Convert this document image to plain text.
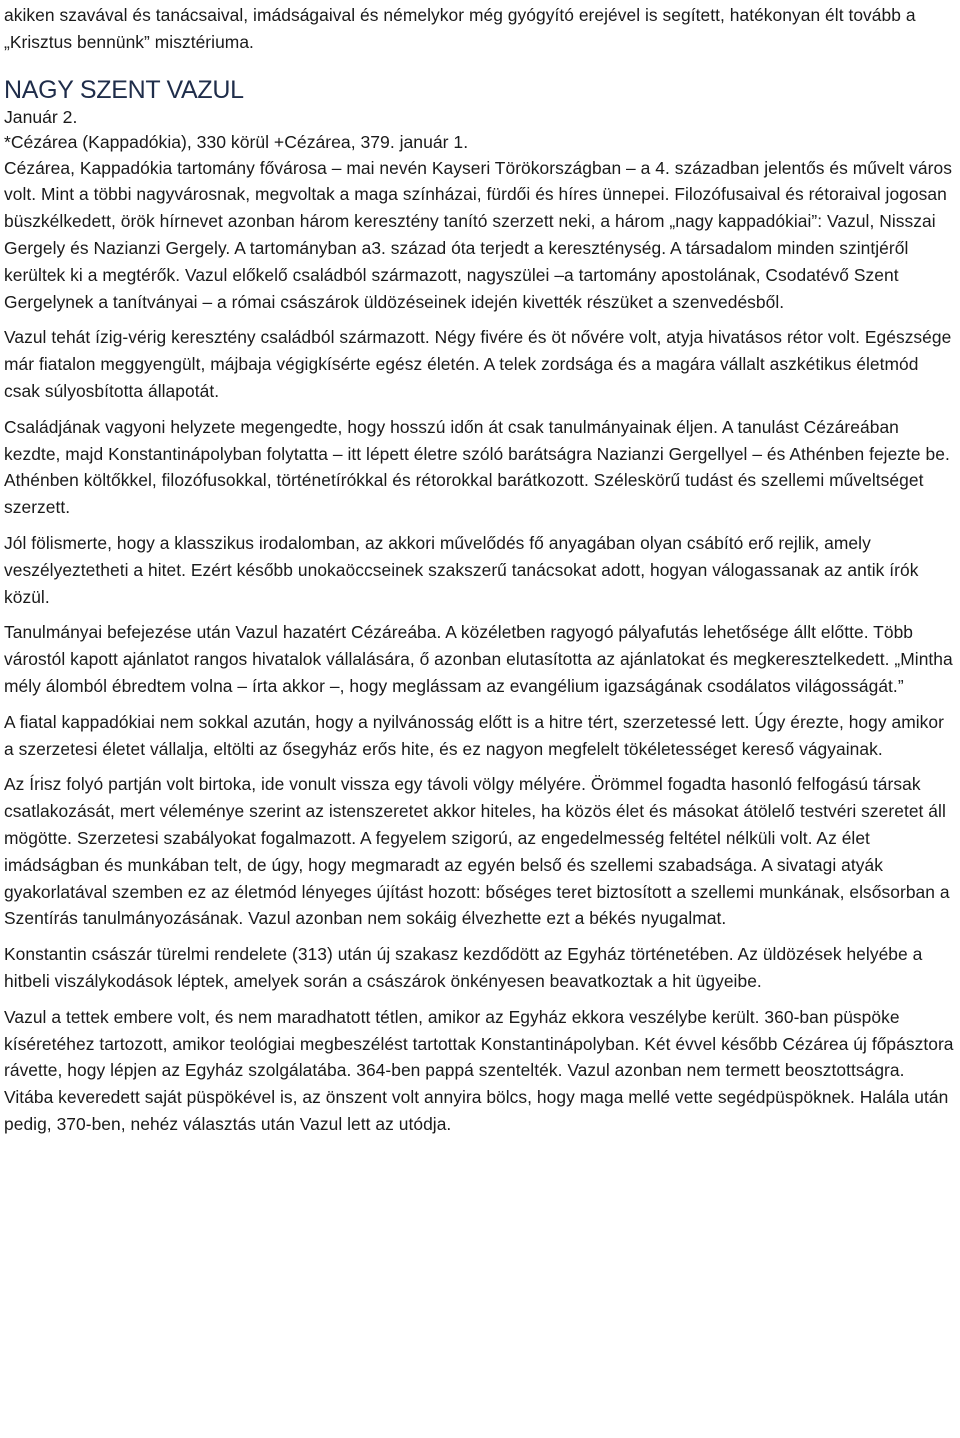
akiken szavával és tanácsaival, imádságaival és némelykor még gyógyító erejével is segített, hatékonyan élt tovább a „Krisztus bennünk” misztériuma.

NAGY SZENT VAZUL

Január 2.

*Cézárea (Kappadókia), 330 körül +Cézárea, 379. január 1.

Cézárea, Kappadókia tartomány fővárosa – mai nevén Kayseri Törökországban – a 4. században jelentős és művelt város volt. Mint a többi nagyvárosnak, megvoltak a maga színházai, fürdői és híres ünnepei. Filozófusaival és rétoraival jogosan büszkélkedett, örök hírnevet azonban három keresztény tanító szerzett neki, a három „nagy kappadókiai”: Vazul, Nisszai Gergely és Nazianzi Gergely. A tartományban a3. század óta terjedt a kereszténység. A társadalom minden szintjéről kerültek ki a megtérők. Vazul előkelő családból származott, nagyszülei –a tartomány apostolának, Csodatévő Szent Gergelynek a tanítványai – a római császárok üldözéseinek idején kivették részüket a szenvedésből.

Vazul tehát ízig-vérig keresztény családból származott. Négy fivére és öt nővére volt, atyja hivatásos rétor volt. Egészsége már fiatalon meggyengült, májbaja végigkísérte egész életén. A telek zordsága és a magára vállalt aszkétikus életmód csak súlyosbította állapotát.

Családjának vagyoni helyzete megengedte, hogy hosszú időn át csak tanulmányainak éljen. A tanulást Cézáreában kezdte, majd Konstantinápolyban folytatta – itt lépett életre szóló barátságra Nazianzi Gergellyel – és Athénben fejezte be. Athénben költőkkel, filozófusokkal, történetírókkal és rétorokkal barátkozott. Széleskörű tudást és szellemi műveltséget szerzett.

Jól fölismerte, hogy a klasszikus irodalomban, az akkori művelődés fő anyagában olyan csábító erő rejlik, amely veszélyeztetheti a hitet. Ezért később unokaöccseinek szakszerű tanácsokat adott, hogyan válogassanak az antik írók közül.

Tanulmányai befejezése után Vazul hazatért Cézáreába. A közéletben ragyogó pályafutás lehetősége állt előtte. Több várostól kapott ajánlatot rangos hivatalok vállalására, ő azonban elutasította az ajánlatokat és megkeresztelkedett. „Mintha mély álomból ébredtem volna – írta akkor –, hogy meglássam az evangélium igazságának csodálatos világosságát.”

A fiatal kappadókiai nem sokkal azután, hogy a nyilvánosság előtt is a hitre tért, szerzetessé lett. Úgy érezte, hogy amikor a szerzetesi életet vállalja, eltölti az ősegyház erős hite, és ez nagyon megfelelt tökéletességet kereső vágyainak.

Az Írisz folyó partján volt birtoka, ide vonult vissza egy távoli völgy mélyére. Örömmel fogadta hasonló felfogású társak csatlakozását, mert véleménye szerint az istenszeretet akkor hiteles, ha közös élet és másokat átölelő testvéri szeretet áll mögötte. Szerzetesi szabályokat fogalmazott. A fegyelem szigorú, az engedelmesség feltétel nélküli volt. Az élet imádságban és munkában telt, de úgy, hogy megmaradt az egyén belső és szellemi szabadsága. A sivatagi atyák gyakorlatával szemben ez az életmód lényeges újítást hozott: bőséges teret biztosított a szellemi munkának, elsősorban a Szentírás tanulmányozásának. Vazul azonban nem sokáig élvezhette ezt a békés nyugalmat.

Konstantin császár türelmi rendelete (313) után új szakasz kezdődött az Egyház történetében. Az üldözések helyébe a hitbeli viszálykodások léptek, amelyek során a császárok önkényesen beavatkoztak a hit ügyeibe.

Vazul a tettek embere volt, és nem maradhatott tétlen, amikor az Egyház ekkora veszélybe került. 360-ban püspöke kíséretéhez tartozott, amikor teológiai megbeszélést tartottak Konstantinápolyban. Két évvel később Cézárea új főpásztora rávette, hogy lépjen az Egyház szolgálatába. 364-ben pappá szentelték. Vazul azonban nem termett beosztottságra. Vitába keveredett saját püspökével is, az önszent volt annyira bölcs, hogy maga mellé vette segédpüspöknek. Halála után pedig, 370-ben, nehéz választás után Vazul lett az utódja.
